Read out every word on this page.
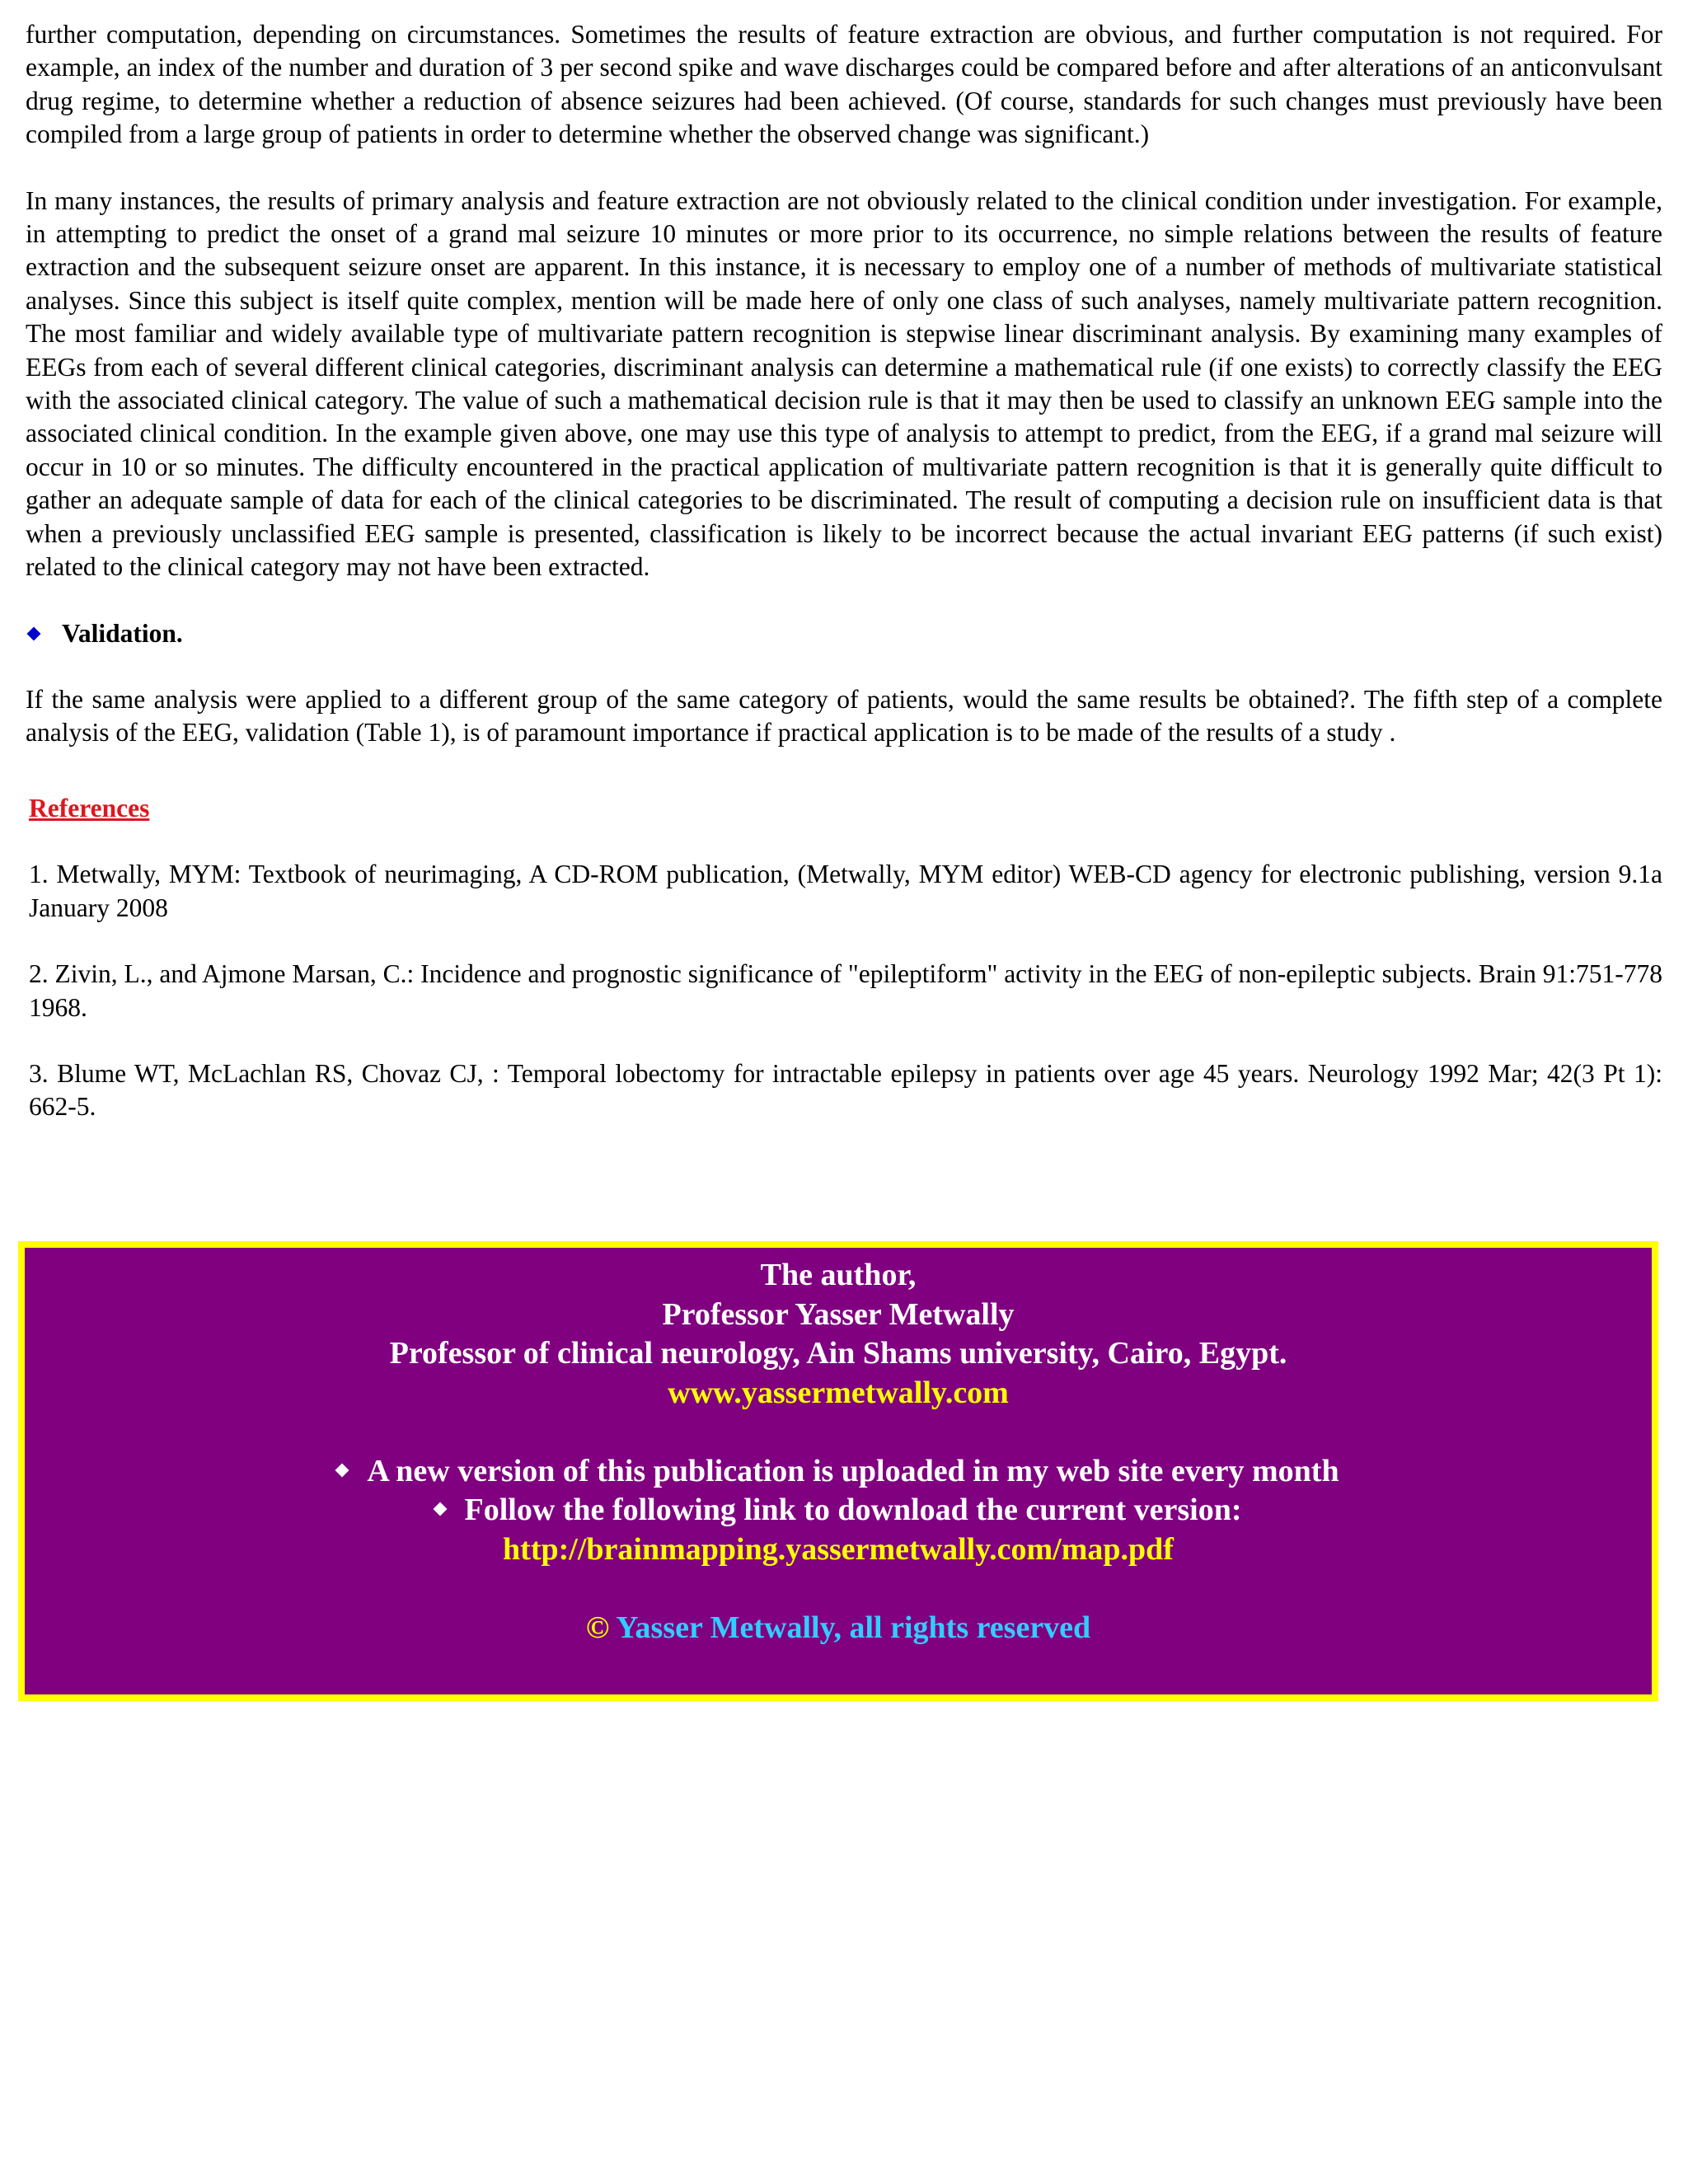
further computation, depending on circumstances. Sometimes the results of feature extraction are obvious, and further computation is not required. For example, an index of the number and duration of 3 per second spike and wave discharges could be compared before and after alterations of an anticonvulsant drug regime, to determine whether a reduction of absence seizures had been achieved. (Of course, standards for such changes must previously have been compiled from a large group of patients in order to determine whether the observed change was significant.)

In many instances, the results of primary analysis and feature extraction are not obviously related to the clinical condition under investigation. For example, in attempting to predict the onset of a grand mal seizure 10 minutes or more prior to its occurrence, no simple relations between the results of feature extraction and the subsequent seizure onset are apparent. In this instance, it is necessary to employ one of a number of methods of multivariate statistical analyses. Since this subject is itself quite complex, mention will be made here of only one class of such analyses, namely multivariate pattern recognition. The most familiar and widely available type of multivariate pattern recognition is stepwise linear discriminant analysis. By examining many examples of EEGs from each of several different clinical categories, discriminant analysis can determine a mathematical rule (if one exists) to correctly classify the EEG with the associated clinical category. The value of such a mathematical decision rule is that it may then be used to classify an unknown EEG sample into the associated clinical condition. In the example given above, one may use this type of analysis to attempt to predict, from the EEG, if a grand mal seizure will occur in 10 or so minutes. The difficulty encountered in the practical application of multivariate pattern recognition is that it is generally quite difficult to gather an adequate sample of data for each of the clinical categories to be discriminated. The result of computing a decision rule on insufficient data is that when a previously unclassified EEG sample is presented, classification is likely to be incorrect because the actual invariant EEG patterns (if such exist) related to the clinical category may not have been extracted.

Validation.

If the same analysis were applied to a different group of the same category of patients, would the same results be obtained?. The fifth step of a complete analysis of the EEG, validation (Table 1), is of paramount importance if practical application is to be made of the results of a study .

References

1. Metwally, MYM: Textbook of neurimaging, A CD-ROM publication, (Metwally, MYM editor) WEB-CD agency for electronic publishing, version 9.1a January 2008

2. Zivin, L., and Ajmone Marsan, C.: Incidence and prognostic significance of "epileptiform" activity in the EEG of non-epileptic subjects. Brain 91:751-778 1968.

3. Blume WT, McLachlan RS, Chovaz CJ, : Temporal lobectomy for intractable epilepsy in patients over age 45 years. Neurology 1992 Mar; 42(3 Pt 1): 662-5.

The author,
Professor Yasser Metwally
Professor of clinical neurology, Ain Shams university, Cairo, Egypt.
www.yassermetwally.com
A new version of this publication is uploaded in my web site every month
Follow the following link to download the current version:
http://brainmapping.yassermetwally.com/map.pdf
© Yasser Metwally, all rights reserved
